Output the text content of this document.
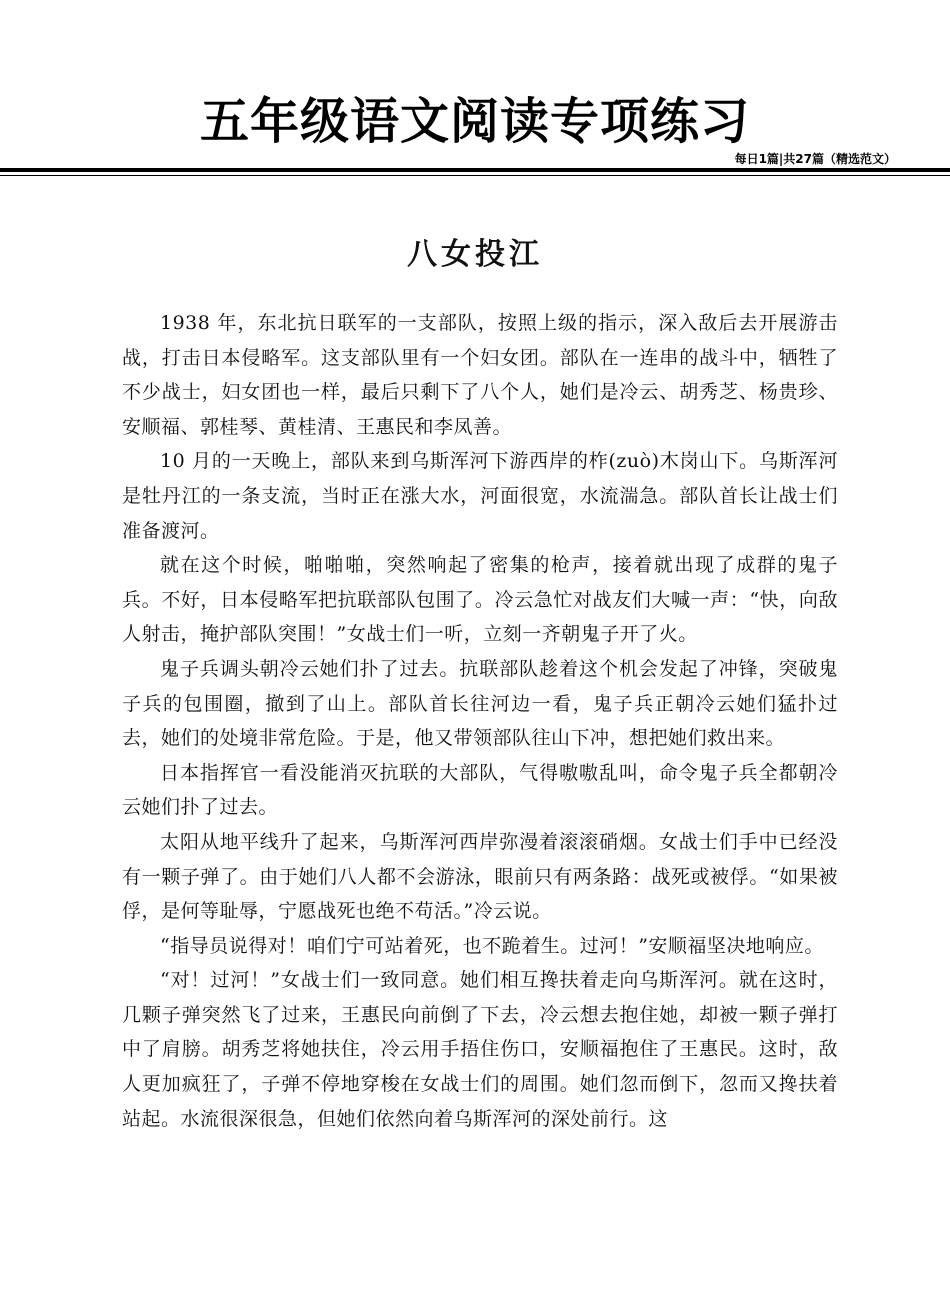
五年级语文阅读专项练习
每日1篇|共27篇（精选范文）
八女投江

1938 年，东北抗日联军的一支部队，按照上级的指示，深入敌后去开展游击战，打击日本侵略军。这支部队里有一个妇女团。部队在一连串的战斗中，牺牲了不少战士，妇女团也一样，最后只剩下了八个人，她们是冷云、胡秀芝、杨贵珍、安顺福、郭桂琴、黄桂清、王惠民和李凤善。

10 月的一天晚上，部队来到乌斯浑河下游西岸的柞(zuò)木岗山下。乌斯浑河是牡丹江的一条支流，当时正在涨大水，河面很宽，水流湍急。部队首长让战士们准备渡河。

就在这个时候，啪啪啪，突然响起了密集的枪声，接着就出现了成群的鬼子兵。不好，日本侵略军把抗联部队包围了。冷云急忙对战友们大喊一声：“快，向敌人射击，掩护部队突围！”女战士们一听，立刻一齐朝鬼子开了火。

鬼子兵调头朝冷云她们扑了过去。抗联部队趁着这个机会发起了冲锋，突破鬼子兵的包围圈，撤到了山上。部队首长往河边一看，鬼子兵正朝冷云她们猛扑过去，她们的处境非常危险。于是，他又带领部队往山下冲，想把她们救出来。

日本指挥官一看没能消灭抗联的大部队，气得嗷嗷乱叫，命令鬼子兵全都朝冷云她们扑了过去。

太阳从地平线升了起来，乌斯浑河西岸弥漫着滚滚硝烟。女战士们手中已经没有一颗子弹了。由于她们八人都不会游泳，眼前只有两条路：战死或被俘。“如果被俘，是何等耻辱，宁愿战死也绝不苟活。”冷云说。

“指导员说得对！咱们宁可站着死，也不跪着生。过河！”安顺福坚决地响应。

“对！过河！”女战士们一致同意。她们相互搀扶着走向乌斯浑河。就在这时，几颗子弹突然飞了过来，王惠民向前倒了下去，冷云想去抱住她，却被一颗子弹打中了肩膀。胡秀芝将她扶住，冷云用手捂住伤口，安顺福抱住了王惠民。这时，敌人更加疯狂了，子弹不停地穿梭在女战士们的周围。她们忽而倒下，忽而又搀扶着站起。水流很深很急，但她们依然向着乌斯浑河的深处前行。这
